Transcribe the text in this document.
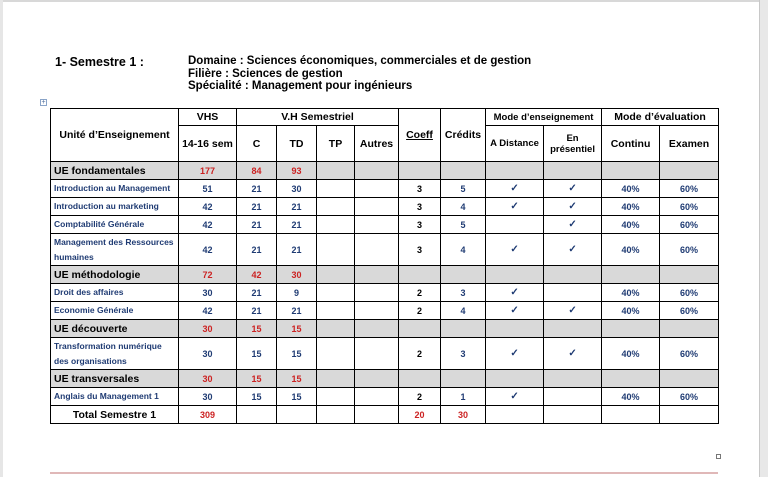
1- Semestre 1 :	Domaine : Sciences économiques, commerciales et de gestion
Filière : Sciences de gestion
Spécialité : Management pour ingénieurs
+
Unité d’Enseignement	VHS	V.H Semestriel				Coeff	Crédits	Mode d’enseignement		Mode d’évaluation	
	14-16 sem	C	TD	TP	Autres			A Distance	En présentiel	Continu	Examen

UE fondamentales	177	84	93								
Introduction au Management	51	21	30			3	5	✓	✓	40%	60%
Introduction au marketing	42	21	21			3	4	✓	✓	40%	60%
Comptabilité Générale	42	21	21			3	5		✓	40%	60%
Management des Ressources humaines	42	21	21			3	4	✓	✓	40%	60%
UE méthodologie	72	42	30								
Droit des affaires	30	21	9			2	3	✓		40%	60%
Economie Générale	42	21	21			2	4	✓	✓	40%	60%
UE découverte	30	15	15								
Transformation numérique des organisations	30	15	15			2	3	✓	✓	40%	60%
UE transversales	30	15	15								
Anglais du Management 1	30	15	15			2	1	✓		40%	60%
Total Semestre 1	309					20	30				
